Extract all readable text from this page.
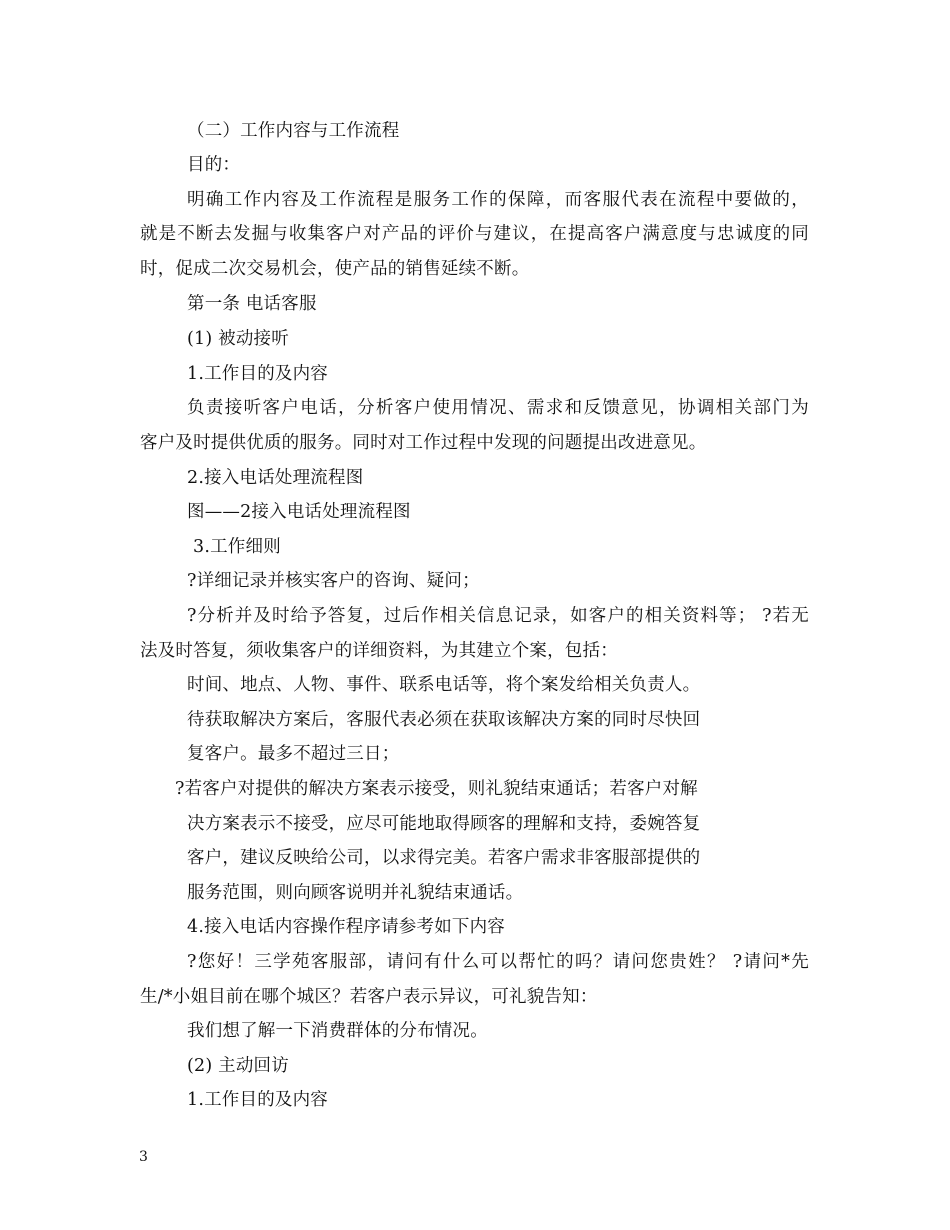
（二）工作内容与工作流程
目的：
明确工作内容及工作流程是服务工作的保障，而客服代表在流程中要做的，
就是不断去发掘与收集客户对产品的评价与建议，在提高客户满意度与忠诚度的同
时，促成二次交易机会，使产品的销售延续不断。
第一条 电话客服
(1) 被动接听
1.工作目的及内容
负责接听客户电话，分析客户使用情况、需求和反馈意见，协调相关部门为
客户及时提供优质的服务。同时对工作过程中发现的问题提出改进意见。
2.接入电话处理流程图
图——2接入电话处理流程图
3.工作细则
?详细记录并核实客户的咨询、疑问；
?分析并及时给予答复，过后作相关信息记录，如客户的相关资料等； ?若无
法及时答复，须收集客户的详细资料，为其建立个案，包括：
时间、地点、人物、事件、联系电话等，将个案发给相关负责人。
待获取解决方案后，客服代表必须在获取该解决方案的同时尽快回
复客户。最多不超过三日；
?若客户对提供的解决方案表示接受，则礼貌结束通话；若客户对解
决方案表示不接受，应尽可能地取得顾客的理解和支持，委婉答复
客户，建议反映给公司，以求得完美。若客户需求非客服部提供的
服务范围，则向顾客说明并礼貌结束通话。
4.接入电话内容操作程序请参考如下内容
?您好！三学苑客服部，请问有什么可以帮忙的吗？请问您贵姓？ ?请问*先
生/*小姐目前在哪个城区？若客户表示异议，可礼貌告知：
我们想了解一下消费群体的分布情况。
(2) 主动回访
1.工作目的及内容
3
